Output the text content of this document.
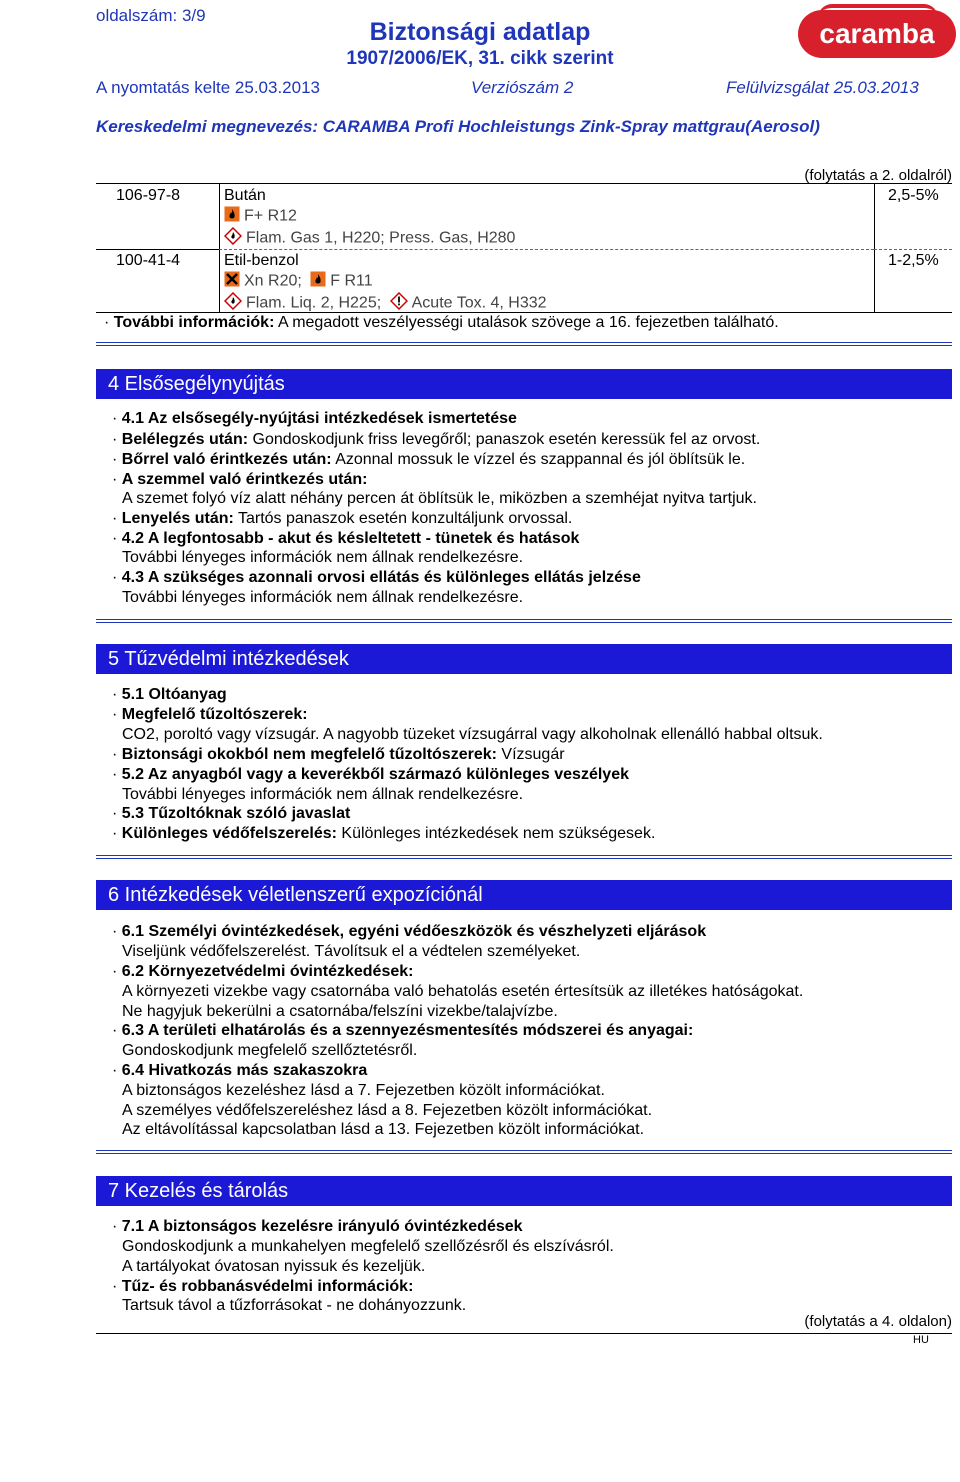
oldalszám: 3/9
Biztonsági adatlap
1907/2006/EK, 31. cikk szerint
caramba
A nyomtatás kelte 25.03.2013	Verziószám 2	Felülvizsgálat 25.03.2013
Kereskedelmi megnevezés: CARAMBA Profi Hochleistungs Zink-Spray mattgrau(Aerosol)
(folytatás a 2. oldalról)
106-97-8	Bután	2,5-5%
F+ R12
Flam. Gas 1, H220; Press. Gas, H280
100-41-4	Etil-benzol	1-2,5%
Xn R20; F R11
Flam. Liq. 2, H225; Acute Tox. 4, H332
· További információk: A megadott veszélyességi utalások szövege a 16. fejezetben található.
4 Elsősegélynyújtás
· 4.1 Az elsősegély-nyújtási intézkedések ismertetése
· Belélegzés után: Gondoskodjunk friss levegőről; panaszok esetén keressük fel az orvost.
· Bőrrel való érintkezés után: Azonnal mossuk le vízzel és szappannal és jól öblítsük le.
· A szemmel való érintkezés után:
A szemet folyó víz alatt néhány percen át öblítsük le, miközben a szemhéjat nyitva tartjuk.
· Lenyelés után: Tartós panaszok esetén konzultáljunk orvossal.
· 4.2 A legfontosabb - akut és késleltetett - tünetek és hatások
További lényeges információk nem állnak rendelkezésre.
· 4.3 A szükséges azonnali orvosi ellátás és különleges ellátás jelzése
További lényeges információk nem állnak rendelkezésre.
5 Tűzvédelmi intézkedések
· 5.1 Oltóanyag
· Megfelelő tűzoltószerek:
CO2, poroltó vagy vízsugár. A nagyobb tüzeket vízsugárral vagy alkoholnak ellenálló habbal oltsuk.
· Biztonsági okokból nem megfelelő tűzoltószerek: Vízsugár
· 5.2 Az anyagból vagy a keverékből származó különleges veszélyek
További lényeges információk nem állnak rendelkezésre.
· 5.3 Tűzoltóknak szóló javaslat
· Különleges védőfelszerelés: Különleges intézkedések nem szükségesek.
6 Intézkedések véletlenszerű expozíciónál
· 6.1 Személyi óvintézkedések, egyéni védőeszközök és vészhelyzeti eljárások
Viseljünk védőfelszerelést. Távolítsuk el a védtelen személyeket.
· 6.2 Környezetvédelmi óvintézkedések:
A környezeti vizekbe vagy csatornába való behatolás esetén értesítsük az illetékes hatóságokat.
Ne hagyjuk bekerülni a csatornába/felszíni vizekbe/talajvízbe.
· 6.3 A területi elhatárolás és a szennyezésmentesítés módszerei és anyagai:
Gondoskodjunk megfelelő szellőztetésről.
· 6.4 Hivatkozás más szakaszokra
A biztonságos kezeléshez lásd a 7. Fejezetben közölt információkat.
A személyes védőfelszereléshez lásd a 8. Fejezetben közölt információkat.
Az eltávolítással kapcsolatban lásd a 13. Fejezetben közölt információkat.
7 Kezelés és tárolás
· 7.1 A biztonságos kezelésre irányuló óvintézkedések
Gondoskodjunk a munkahelyen megfelelő szellőzésről és elszívásról.
A tartályokat óvatosan nyissuk és kezeljük.
· Tűz- és robbanásvédelmi információk:
Tartsuk távol a tűzforrásokat - ne dohányozzunk.
(folytatás a 4. oldalon)
HU
